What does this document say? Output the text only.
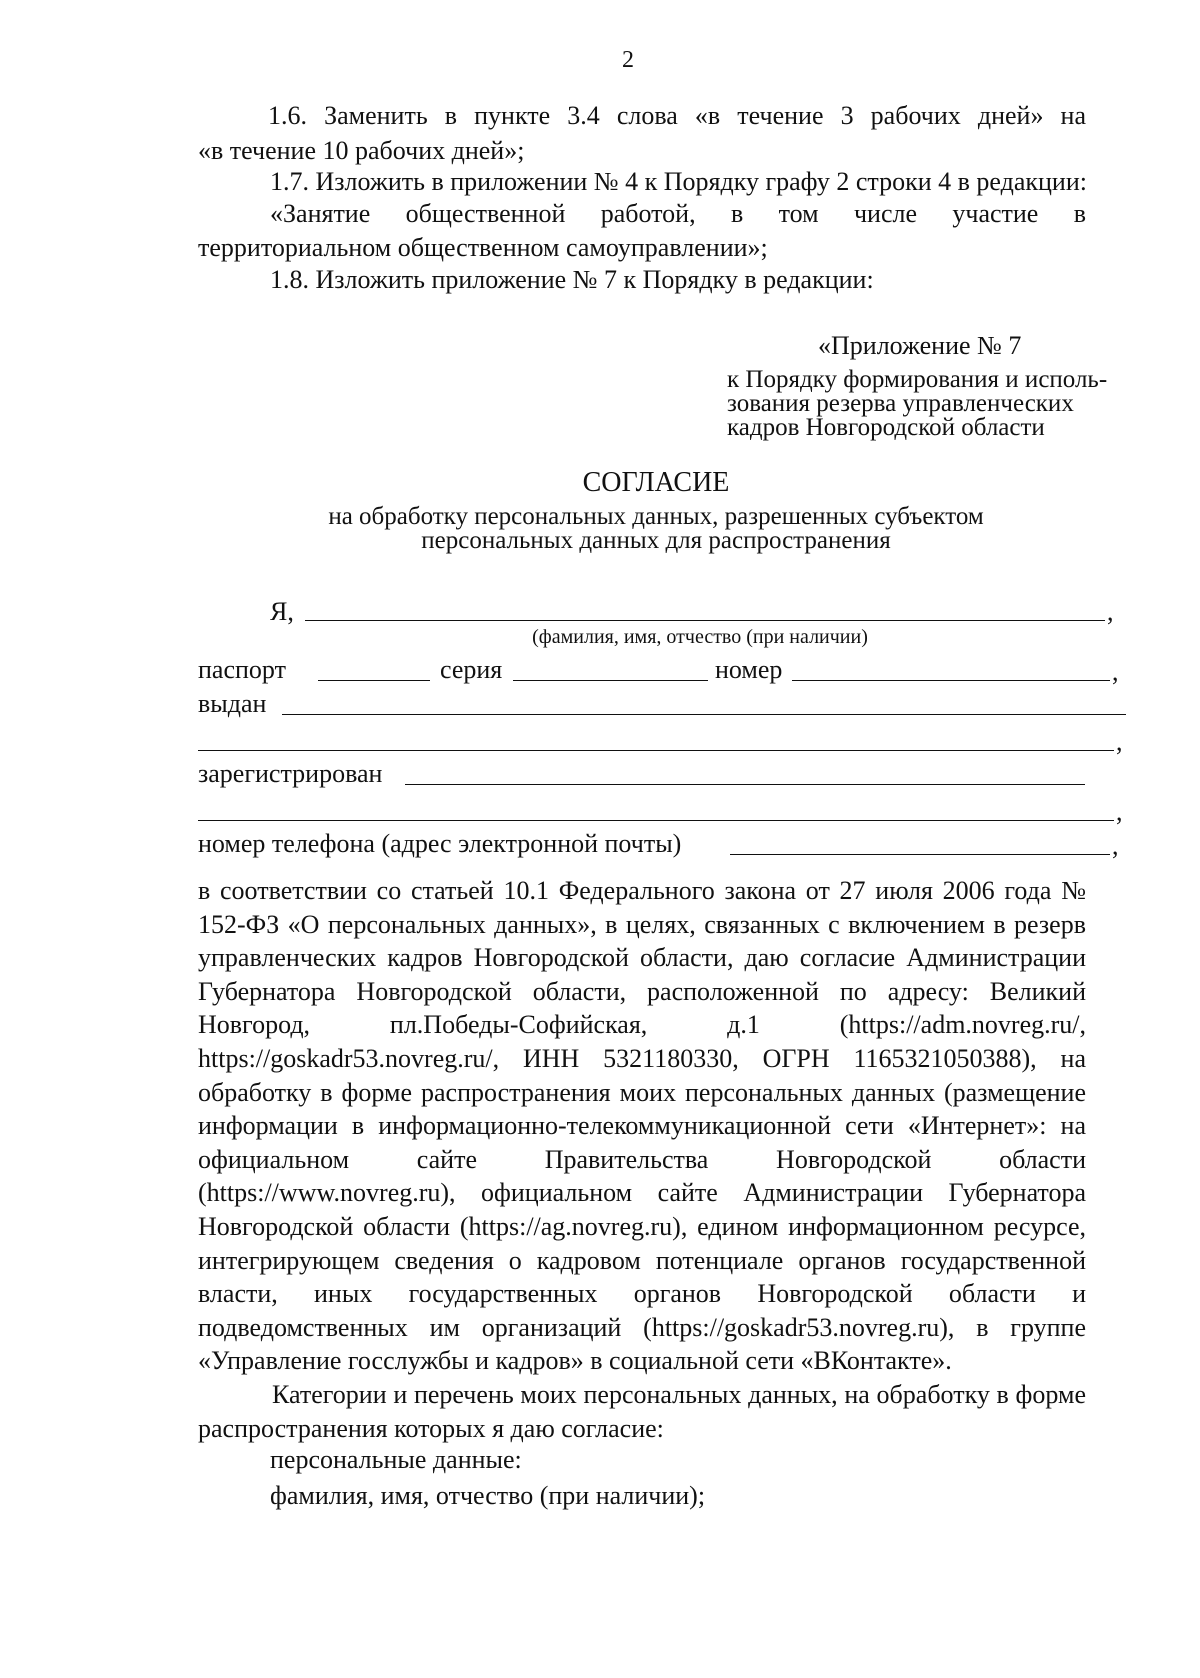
2

1.6. Заменить в пункте 3.4 слова «в течение 3 рабочих дней» на

«в течение 10 рабочих дней»;

1.7. Изложить в приложении № 4 к Порядку графу 2 строки 4 в редакции:

«Занятие общественной работой, в том числе участие в

территориальном общественном самоуправлении»;

1.8. Изложить приложение № 7 к Порядку в редакции:

«Приложение № 7

к Порядку формирования и исполь-

зования резерва управленческих

кадров Новгородской области

СОГЛАСИЕ
на обработку персональных данных, разрешенных субъектом
персональных данных для распространения
Я,	,
(фамилия, имя, отчество (при наличии)
паспорт	серия	номер	,
выдан
,
зарегистрирован
,
номер телефона (адрес электронной почты)	,

в соответствии со статьей 10.1 Федерального закона от 27 июля 2006 года № 152-ФЗ «О персональных данных», в целях, связанных с включением в резерв управленческих кадров Новгородской области, даю согласие Администрации Губернатора Новгородской области, расположенной по адресу: Великий Новгород, пл.Победы-Софийская, д.1 (https://adm.novreg.ru/, https://goskadr53.novreg.ru/, ИНН 5321180330, ОГРН 1165321050388), на обработку в форме распространения моих персональных данных (размещение информации в информационно-телекоммуникационной сети «Интернет»: на официальном сайте Правительства Новгородской области (https://www.novreg.ru), официальном сайте Администрации Губернатора Новгородской области (https://ag.novreg.ru), едином информационном ресурсе, интегрирующем сведения о кадровом потенциале органов государственной власти, иных государственных органов Новгородской области и подведомственных им организаций (https://goskadr53.novreg.ru), в группе «Управление госслужбы и кадров» в социальной сети «ВКонтакте».

Категории и перечень моих персональных данных, на обработку в форме распространения которых я даю согласие:

персональные данные:

фамилия, имя, отчество (при наличии);
